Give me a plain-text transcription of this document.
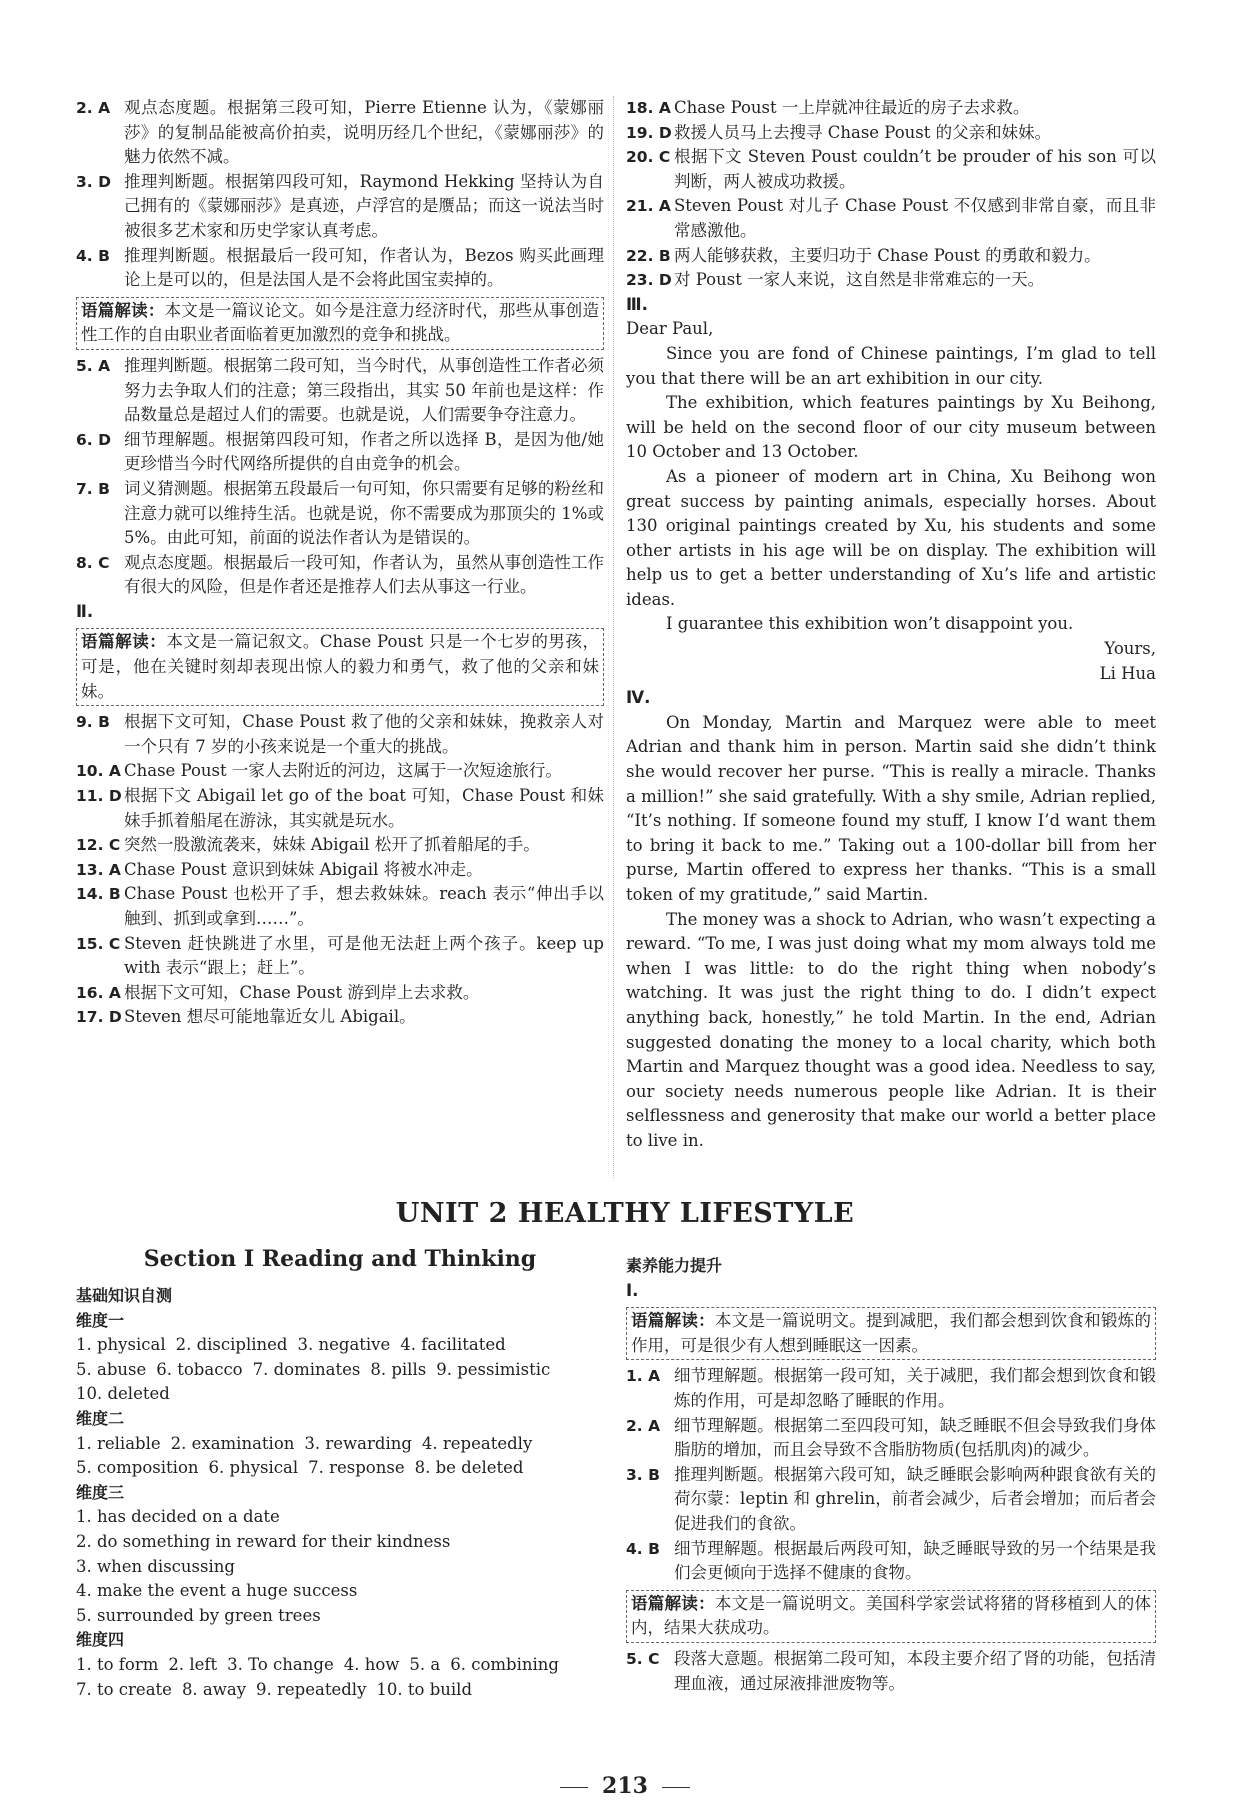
2. A 观点态度题。根据第三段可知，Pierre Etienne 认为，《蒙娜丽莎》的复制品能被高价拍卖，说明历经几个世纪，《蒙娜丽莎》的魅力依然不减。
3. D 推理判断题。根据第四段可知，Raymond Hekking 坚持认为自己拥有的《蒙娜丽莎》是真迹，卢浮宫的是赝品；而这一说法当时被很多艺术家和历史学家认真考虑。
4. B 推理判断题。根据最后一段可知，作者认为，Bezos 购买此画理论上是可以的，但是法国人是不会将此国宝卖掉的。
语篇解读：本文是一篇议论文。如今是注意力经济时代，那些从事创造性工作的自由职业者面临着更加激烈的竞争和挑战。
5. A 推理判断题。根据第二段可知，当今时代，从事创造性工作者必须努力去争取人们的注意；第三段指出，其实 50 年前也是这样：作品数量总是超过人们的需要。也就是说，人们需要争夺注意力。
6. D 细节理解题。根据第四段可知，作者之所以选择 B，是因为他/她更珍惜当今时代网络所提供的自由竞争的机会。
7. B 词义猜测题。根据第五段最后一句可知，你只需要有足够的粉丝和注意力就可以维持生活。也就是说，你不需要成为那顶尖的 1%或 5%。由此可知，前面的说法作者认为是错误的。
8. C 观点态度题。根据最后一段可知，作者认为，虽然从事创造性工作有很大的风险，但是作者还是推荐人们去从事这一行业。
Ⅱ.
语篇解读：本文是一篇记叙文。Chase Poust 只是一个七岁的男孩，可是，他在关键时刻却表现出惊人的毅力和勇气，救了他的父亲和妹妹。
9. B 根据下文可知，Chase Poust 救了他的父亲和妹妹，挽救亲人对一个只有 7 岁的小孩来说是一个重大的挑战。
10. A Chase Poust 一家人去附近的河边，这属于一次短途旅行。
11. D 根据下文 Abigail let go of the boat 可知，Chase Poust 和妹妹手抓着船尾在游泳，其实就是玩水。
12. C 突然一股激流袭来，妹妹 Abigail 松开了抓着船尾的手。
13. A Chase Poust 意识到妹妹 Abigail 将被水冲走。
14. B Chase Poust 也松开了手，想去救妹妹。reach 表示“伸出手以触到、抓到或拿到……”。
15. C Steven 赶快跳进了水里，可是他无法赶上两个孩子。keep up with 表示“跟上；赶上”。
16. A 根据下文可知，Chase Poust 游到岸上去求救。
17. D Steven 想尽可能地靠近女儿 Abigail。
18. A Chase Poust 一上岸就冲往最近的房子去求救。
19. D 救援人员马上去搜寻 Chase Poust 的父亲和妹妹。
20. C 根据下文 Steven Poust couldn’t be prouder of his son 可以判断，两人被成功救援。
21. A Steven Poust 对儿子 Chase Poust 不仅感到非常自豪，而且非常感激他。
22. B 两人能够获救，主要归功于 Chase Poust 的勇敢和毅力。
23. D 对 Poust 一家人来说，这自然是非常难忘的一天。
Ⅲ.

Dear Paul,

Since you are fond of Chinese paintings, I’m glad to tell you that there will be an art exhibition in our city.

The exhibition, which features paintings by Xu Beihong, will be held on the second floor of our city museum between 10 October and 13 October.

As a pioneer of modern art in China, Xu Beihong won great success by painting animals, especially horses. About 130 original paintings created by Xu, his students and some other artists in his age will be on display. The exhibition will help us to get a better understanding of Xu’s life and artistic ideas.

I guarantee this exhibition won’t disappoint you.

Yours,

Li Hua

Ⅳ.

On Monday, Martin and Marquez were able to meet Adrian and thank him in person. Martin said she didn’t think she would recover her purse. “This is really a miracle. Thanks a million!” she said gratefully. With a shy smile, Adrian replied, “It’s nothing. If someone found my stuff, I know I’d want them to bring it back to me.” Taking out a 100-dollar bill from her purse, Martin offered to express her thanks. “This is a small token of my gratitude,” said Martin.

The money was a shock to Adrian, who wasn’t expecting a reward. “To me, I was just doing what my mom always told me when I was little: to do the right thing when nobody’s watching. It was just the right thing to do. I didn’t expect anything back, honestly,” he told Martin. In the end, Adrian suggested donating the money to a local charity, which both Martin and Marquez thought was a good idea. Needless to say, our society needs numerous people like Adrian. It is their selflessness and generosity that make our world a better place to live in.

UNIT 2 HEALTHY LIFESTYLE
Section Ⅰ Reading and Thinking
基础知识自测
维度一
1. physical 2. disciplined 3. negative 4. facilitated
5. abuse 6. tobacco 7. dominates 8. pills 9. pessimistic
10. deleted
维度二
1. reliable 2. examination 3. rewarding 4. repeatedly
5. composition 6. physical 7. response 8. be deleted
维度三
1. has decided on a date
2. do something in reward for their kindness
3. when discussing
4. make the event a huge success
5. surrounded by green trees
维度四
1. to form 2. left 3. To change 4. how 5. a 6. combining
7. to create 8. away 9. repeatedly 10. to build
素养能力提升
Ⅰ.
语篇解读：本文是一篇说明文。提到减肥，我们都会想到饮食和锻炼的作用，可是很少有人想到睡眠这一因素。
1. A 细节理解题。根据第一段可知，关于减肥，我们都会想到饮食和锻炼的作用，可是却忽略了睡眠的作用。
2. A 细节理解题。根据第二至四段可知，缺乏睡眠不但会导致我们身体脂肪的增加，而且会导致不含脂肪物质(包括肌肉)的减少。
3. B 推理判断题。根据第六段可知，缺乏睡眠会影响两种跟食欲有关的荷尔蒙：leptin 和 ghrelin，前者会减少，后者会增加；而后者会促进我们的食欲。
4. B 细节理解题。根据最后两段可知，缺乏睡眠导致的另一个结果是我们会更倾向于选择不健康的食物。
语篇解读：本文是一篇说明文。美国科学家尝试将猪的肾移植到人的体内，结果大获成功。
5. C 段落大意题。根据第二段可知，本段主要介绍了肾的功能，包括清理血液，通过尿液排泄废物等。
213
